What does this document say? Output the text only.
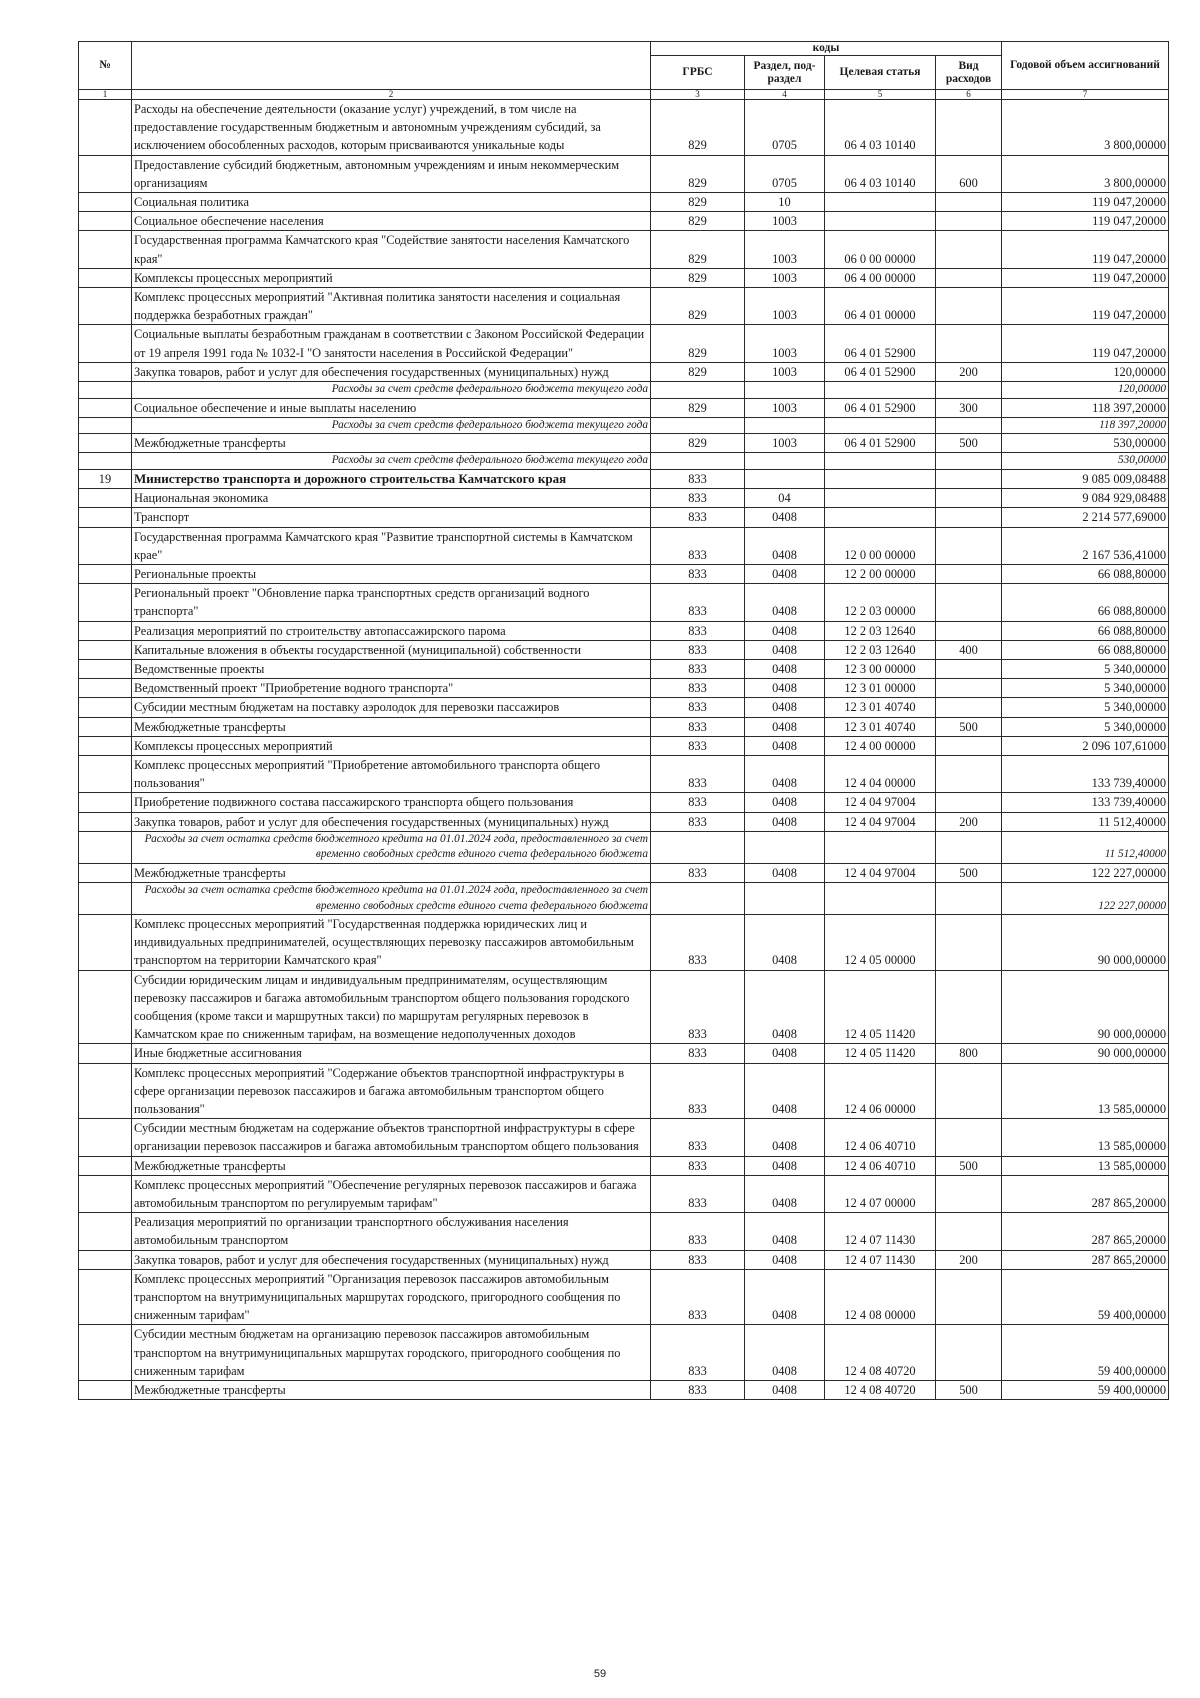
№		коды				Годовой объем ассигнований
		ГРБС	Раздел, под-раздел	Целевая статья	Вид расходов	
1	2	3	4	5	6	7
	Расходы на обеспечение деятельности (оказание услуг) учреждений, в том числе на предоставление государственным бюджетным и автономным учреждениям субсидий, за исключением обособленных расходов, которым присваиваются уникальные коды	829	0705	06 4 03 10140		3 800,00000
	Предоставление субсидий бюджетным, автономным учреждениям и иным некоммерческим организациям	829	0705	06 4 03 10140	600	3 800,00000
	Социальная политика	829	10			119 047,20000
	Социальное обеспечение населения	829	1003			119 047,20000
	Государственная программа Камчатского края "Содействие занятости населения Камчатского края"	829	1003	06 0 00 00000		119 047,20000
	Комплексы процессных мероприятий	829	1003	06 4 00 00000		119 047,20000
	Комплекс процессных мероприятий "Активная политика занятости населения и социальная поддержка безработных граждан"	829	1003	06 4 01 00000		119 047,20000
	Социальные выплаты безработным гражданам в соответствии с Законом Российской Федерации от 19 апреля 1991 года № 1032-I "О занятости населения в Российской Федерации"	829	1003	06 4 01 52900		119 047,20000
	Закупка товаров, работ и услуг для обеспечения государственных (муниципальных) нужд	829	1003	06 4 01 52900	200	120,00000
	Расходы за счет средств федерального бюджета текущего года					120,00000
	Социальное обеспечение и иные выплаты населению	829	1003	06 4 01 52900	300	118 397,20000
	Расходы за счет средств федерального бюджета текущего года					118 397,20000
	Межбюджетные трансферты	829	1003	06 4 01 52900	500	530,00000
	Расходы за счет средств федерального бюджета текущего года					530,00000
19	Министерство транспорта и дорожного строительства Камчатского края	833				9 085 009,08488
	Национальная экономика	833	04			9 084 929,08488
	Транспорт	833	0408			2 214 577,69000
	Государственная программа Камчатского края "Развитие транспортной системы в Камчатском крае"	833	0408	12 0 00 00000		2 167 536,41000
	Региональные проекты	833	0408	12 2 00 00000		66 088,80000
	Региональный проект "Обновление парка транспортных средств организаций водного транспорта"	833	0408	12 2 03 00000		66 088,80000
	Реализация мероприятий по строительству автопассажирского парома	833	0408	12 2 03 12640		66 088,80000
	Капитальные вложения в объекты государственной (муниципальной) собственности	833	0408	12 2 03 12640	400	66 088,80000
	Ведомственные проекты	833	0408	12 3 00 00000		5 340,00000
	Ведомственный проект "Приобретение водного транспорта"	833	0408	12 3 01 00000		5 340,00000
	Субсидии местным бюджетам на поставку аэролодок для перевозки пассажиров	833	0408	12 3 01 40740		5 340,00000
	Межбюджетные трансферты	833	0408	12 3 01 40740	500	5 340,00000
	Комплексы процессных мероприятий	833	0408	12 4 00 00000		2 096 107,61000
	Комплекс процессных мероприятий "Приобретение автомобильного транспорта общего пользования"	833	0408	12 4 04 00000		133 739,40000
	Приобретение подвижного состава пассажирского транспорта общего пользования	833	0408	12 4 04 97004		133 739,40000
	Закупка товаров, работ и услуг для обеспечения государственных (муниципальных) нужд	833	0408	12 4 04 97004	200	11 512,40000
	Расходы за счет остатка средств бюджетного кредита на 01.01.2024 года, предоставленного за счет временно свободных средств единого счета федерального бюджета					11 512,40000
	Межбюджетные трансферты	833	0408	12 4 04 97004	500	122 227,00000
	Расходы за счет остатка средств бюджетного кредита на 01.01.2024 года, предоставленного за счет временно свободных средств единого счета федерального бюджета					122 227,00000
	Комплекс процессных мероприятий "Государственная поддержка юридических лиц и индивидуальных предпринимателей, осуществляющих перевозку пассажиров автомобильным транспортом на территории Камчатского края"	833	0408	12 4 05 00000		90 000,00000
	Субсидии юридическим лицам и индивидуальным предпринимателям, осуществляющим перевозку пассажиров и багажа автомобильным транспортом общего пользования городского сообщения (кроме такси и маршрутных такси) по маршрутам регулярных перевозок в Камчатском крае по сниженным тарифам, на возмещение недополученных доходов	833	0408	12 4 05 11420		90 000,00000
	Иные бюджетные ассигнования	833	0408	12 4 05 11420	800	90 000,00000
	Комплекс процессных мероприятий "Содержание объектов транспортной инфраструктуры в сфере организации перевозок пассажиров и багажа автомобильным транспортом общего пользования"	833	0408	12 4 06 00000		13 585,00000
	Субсидии местным бюджетам на содержание объектов транспортной инфраструктуры в сфере организации перевозок пассажиров и багажа автомобильным транспортом общего пользования	833	0408	12 4 06 40710		13 585,00000
	Межбюджетные трансферты	833	0408	12 4 06 40710	500	13 585,00000
	Комплекс процессных мероприятий "Обеспечение регулярных перевозок пассажиров и багажа автомобильным транспортом по регулируемым тарифам"	833	0408	12 4 07 00000		287 865,20000
	Реализация мероприятий по организации транспортного обслуживания населения автомобильным транспортом	833	0408	12 4 07 11430		287 865,20000
	Закупка товаров, работ и услуг для обеспечения государственных (муниципальных) нужд	833	0408	12 4 07 11430	200	287 865,20000
	Комплекс процессных мероприятий "Организация перевозок пассажиров автомобильным транспортом на внутримуниципальных маршрутах городского, пригородного сообщения по сниженным тарифам"	833	0408	12 4 08 00000		59 400,00000
	Субсидии местным бюджетам на организацию перевозок пассажиров автомобильным транспортом на внутримуниципальных маршрутах городского, пригородного сообщения по сниженным тарифам	833	0408	12 4 08 40720		59 400,00000
	Межбюджетные трансферты	833	0408	12 4 08 40720	500	59 400,00000
59
